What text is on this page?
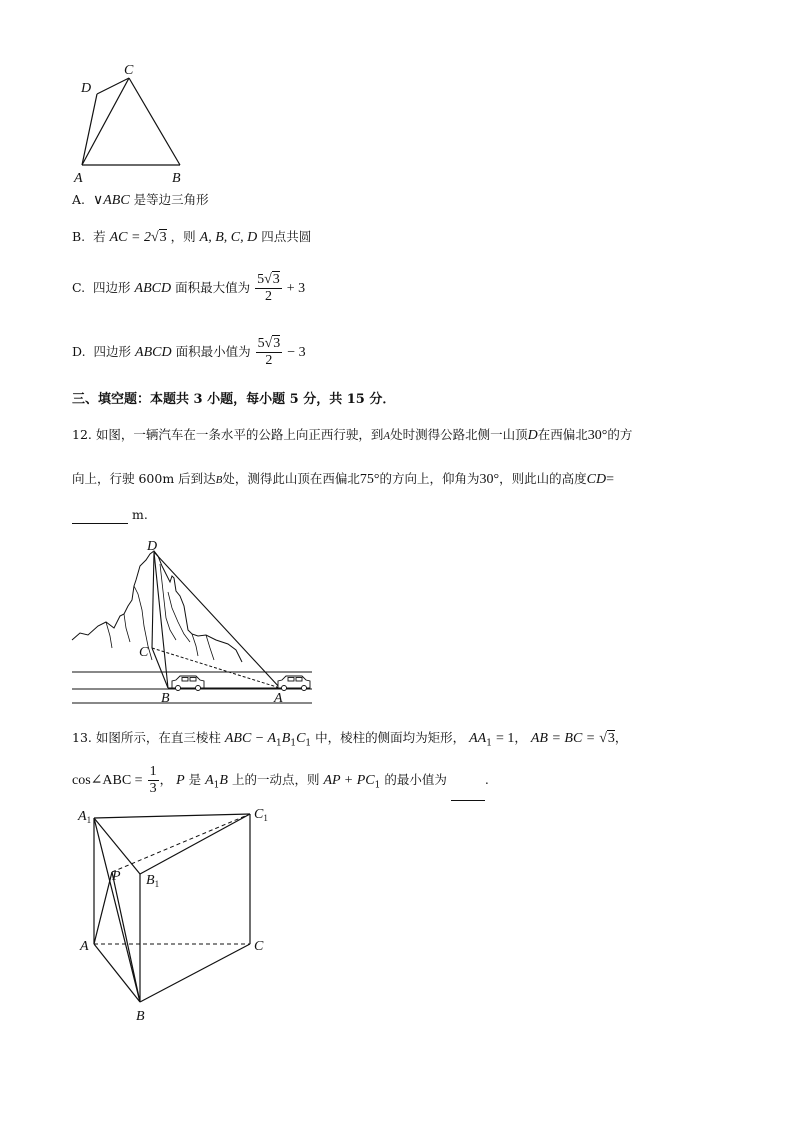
D
C
A	B
A. ∨ABC 是等边三角形
B. 若 AC = 2√3 ，则 A, B, C, D 四点共圆
C. 四边形 ABCD 面积最大值为 $\frac{5√3}{2} + 3$
D. 四边形 ABCD 面积最小值为 $\frac{5√3}{2} - 3$
三、填空题：本题共 3 小题，每小题 5 分，共 15 分．
12. 如图，一辆汽车在一条水平的公路上向正西行驶，到A处时测得公路北侧一山顶D在西偏北30°的方
向上，行驶 600m 后到达B处，测得此山顶在西偏北75°的方向上，仰角为30°，则此山的高度CD=
m.
D
C
B	A
13. 如图所示，在直三棱柱 ABC − $A_1B_1C_1$ 中，棱柱的侧面均为矩形， $AA_1 = 1$， AB = BC = √3，
cos∠ABC = $\frac{1}{3}$ ， P 是 $A_1B$ 上的一动点，则 AP + $PC_1$ 的最小值为	.
$A_1$	$C_1$
P $B_1$
A	C
B
